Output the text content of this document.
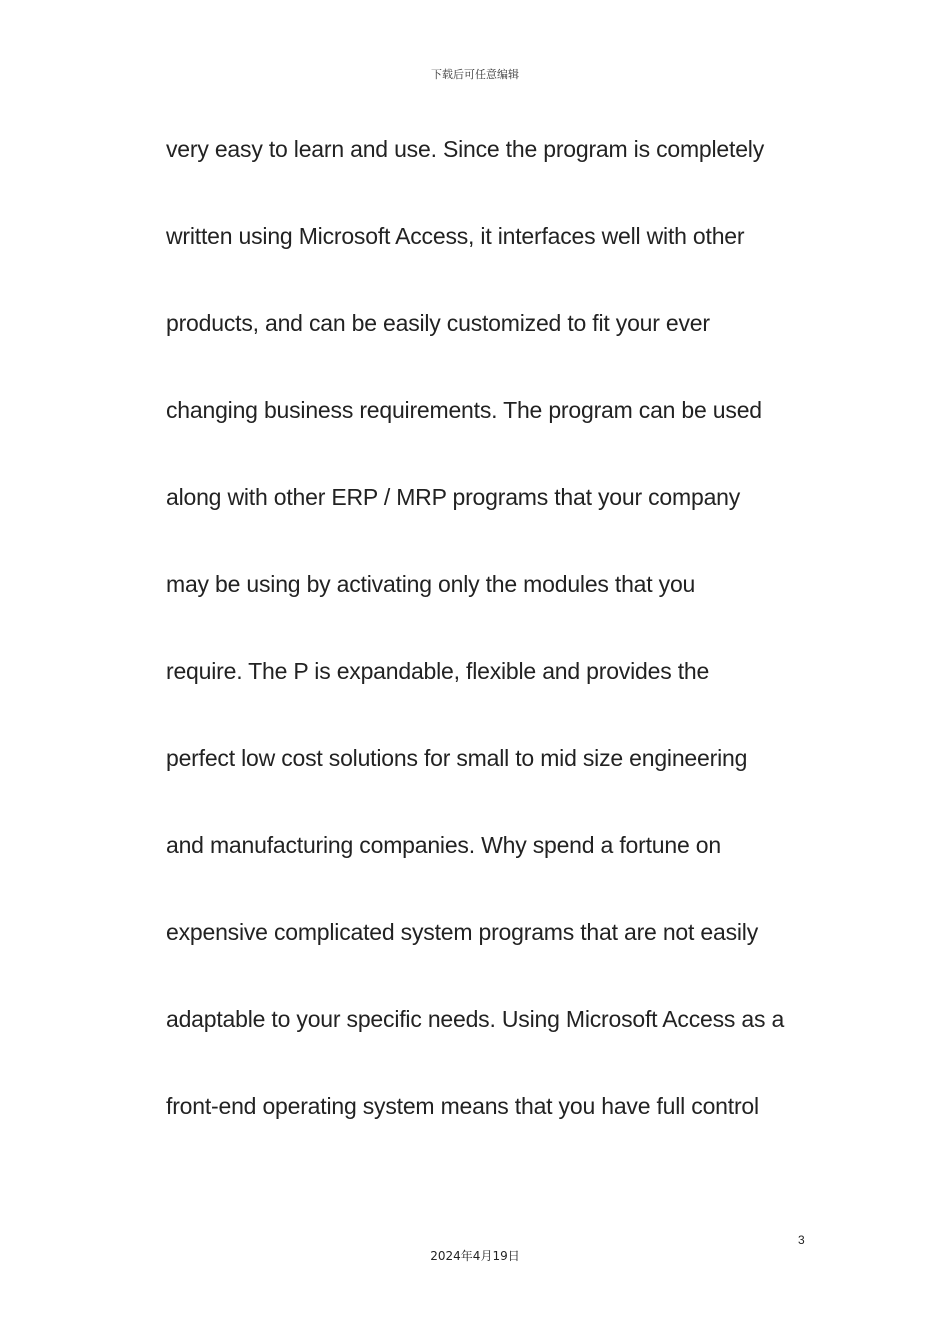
下载后可任意编辑
very easy to learn and use. Since the program is completely
written using Microsoft Access, it interfaces well with other
products, and can be easily customized to fit your ever
changing business requirements. The program can be used
along with other ERP / MRP programs that your company
may be using by activating only the modules that you
require. The P is expandable, flexible and provides the
perfect low cost solutions for small to mid size engineering
and manufacturing companies. Why spend a fortune on
expensive complicated system programs that are not easily
adaptable to your specific needs. Using Microsoft Access as a
front-end operating system means that you have full control
3
2024年4月19日
